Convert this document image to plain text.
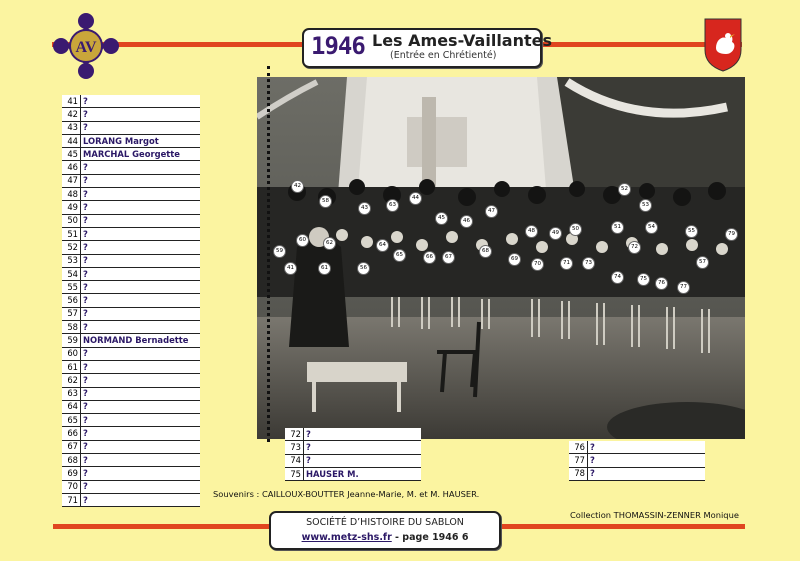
AV	1946 Les Ames-Vaillantes
(Entrée en Chrétienté)
42
58
43	63
44
45	46
47
52
53
48	49
50	51	54
55	79
59
60	62	64
65	66	67
68
69
70	71	73
72
74	75
76
77
57
41	61	56
41	?
42	?
43	?
44	LORANG Margot
45	MARCHAL Georgette
46	?
47	?
48	?
49	?
50	?
51	?
52	?
53	?
54	?
55	?
56	?
57	?
58	?
59	NORMAND Bernadette
60	?
61	?
62	?
63	?
64	?
65	?
66	?
67	?
68	?
69	?
70	?
71	?
72	?
73	?
74	?
75	HAUSER M.
76	?
77	?
78	?
Souvenirs : CAILLOUX-BOUTTER Jeanne-Marie, M. et M. HAUSER.
Collection THOMASSIN-ZENNER Monique
SOCIÉTÉ D’HISTOIRE DU SABLON
www.metz-shs.fr - page 1946 6
